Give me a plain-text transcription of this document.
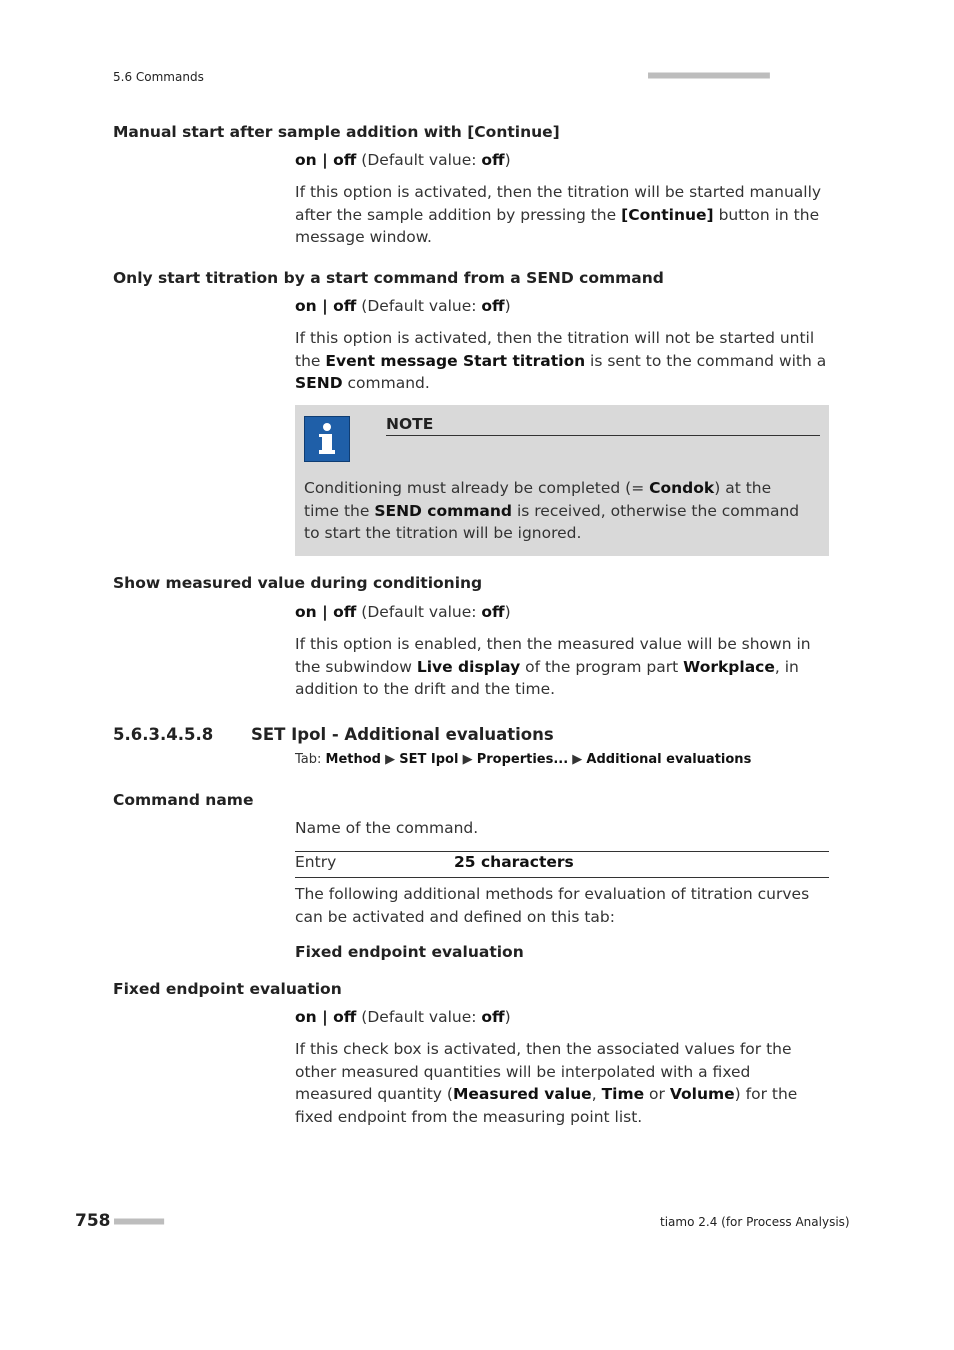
5.6 Commands	■■■■■■■■■■■■■■■■■■■■■■
Manual start after sample addition with [Continue]
on | off (Default value: off)
If this option is activated, then the titration will be started manually after the sample addition by pressing the [Continue] button in the message window.
Only start titration by a start command from a SEND command
on | off (Default value: off)
If this option is activated, then the titration will not be started until the Event message Start titration is sent to the command with a SEND command.
NOTE
Conditioning must already be completed (= Condok) at the time the SEND command is received, otherwise the command to start the titration will be ignored.
Show measured value during conditioning
on | off (Default value: off)
If this option is enabled, then the measured value will be shown in the subwindow Live display of the program part Workplace, in addition to the drift and the time.
5.6.3.4.5.8 SET Ipol - Additional evaluations
Tab: Method ▶ SET Ipol ▶ Properties... ▶ Additional evaluations
Command name
Name of the command.
Entry	25 characters
The following additional methods for evaluation of titration curves can be activated and defined on this tab:
Fixed endpoint evaluation
Fixed endpoint evaluation
on | off (Default value: off)
If this check box is activated, then the associated values for the other measured quantities will be interpolated with a fixed measured quantity (Measured value, Time or Volume) for the fixed endpoint from the measuring point list.
758 ■■■■■■■■■	tiamo 2.4 (for Process Analysis)
